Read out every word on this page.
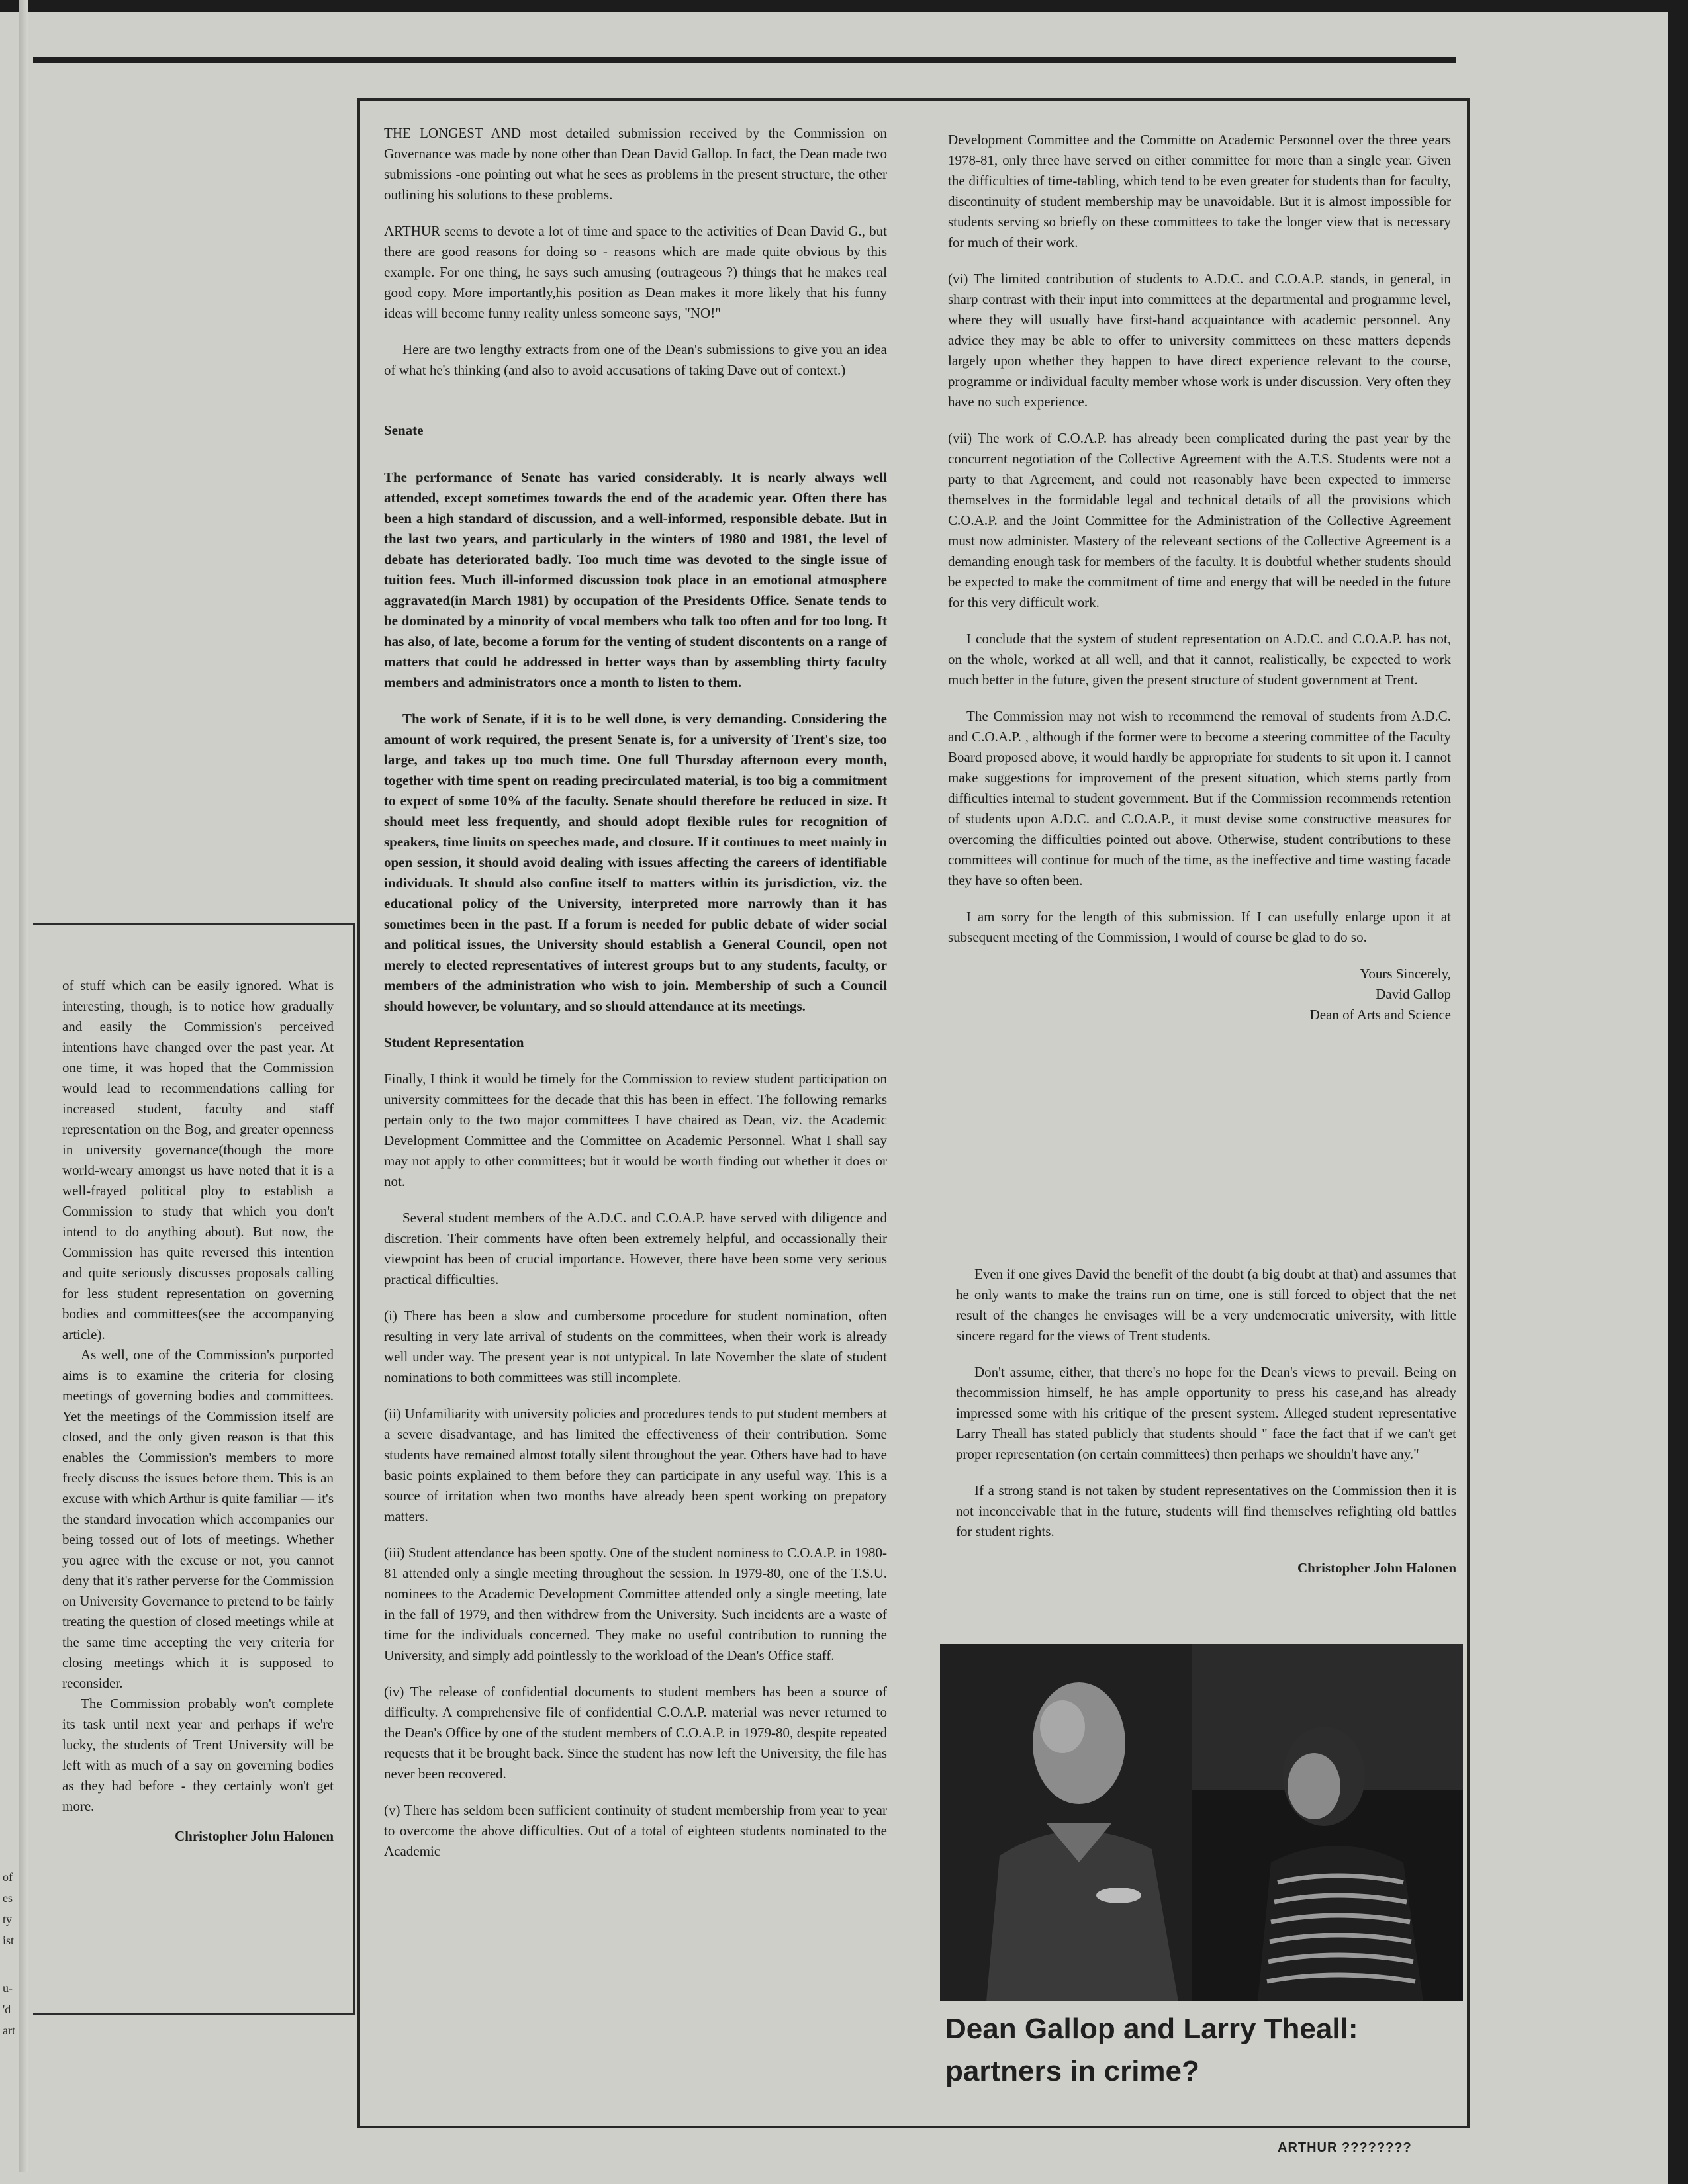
THE LONGEST AND most detailed submission received by the Commission on Governance was made by none other than Dean David Gallop. In fact, the Dean made two submissions -one pointing out what he sees as problems in the present structure, the other outlining his solutions to these problems.

ARTHUR seems to devote a lot of time and space to the activities of Dean David G., but there are good reasons for doing so - reasons which are made quite obvious by this example. For one thing, he says such amusing (outrageous ?) things that he makes real good copy. More importantly,his position as Dean makes it more likely that his funny ideas will become funny reality unless someone says, "NO!"

Here are two lengthy extracts from one of the Dean's submissions to give you an idea of what he's thinking (and also to avoid accusations of taking Dave out of context.)

Senate

The performance of Senate has varied considerably. It is nearly always well attended, except sometimes towards the end of the academic year. Often there has been a high standard of discussion, and a well-informed, responsible debate. But in the last two years, and particularly in the winters of 1980 and 1981, the level of debate has deteriorated badly. Too much time was devoted to the single issue of tuition fees. Much ill-informed discussion took place in an emotional atmosphere aggravated(in March 1981) by occupation of the Presidents Office. Senate tends to be dominated by a minority of vocal members who talk too often and for too long. It has also, of late, become a forum for the venting of student discontents on a range of matters that could be addressed in better ways than by assembling thirty faculty members and administrators once a month to listen to them.

The work of Senate, if it is to be well done, is very demanding. Considering the amount of work required, the present Senate is, for a university of Trent's size, too large, and takes up too much time. One full Thursday afternoon every month, together with time spent on reading precirculated material, is too big a commitment to expect of some 10% of the faculty. Senate should therefore be reduced in size. It should meet less frequently, and should adopt flexible rules for recognition of speakers, time limits on speeches made, and closure. If it continues to meet mainly in open session, it should avoid dealing with issues affecting the careers of identifiable individuals. It should also confine itself to matters within its jurisdiction, viz. the educational policy of the University, interpreted more narrowly than it has sometimes been in the past. If a forum is needed for public debate of wider social and political issues, the University should establish a General Council, open not merely to elected representatives of interest groups but to any students, faculty, or members of the administration who wish to join. Membership of such a Council should however, be voluntary, and so should attendance at its meetings.

Student Representation

Finally, I think it would be timely for the Commission to review student participation on university committees for the decade that this has been in effect. The following remarks pertain only to the two major committees I have chaired as Dean, viz. the Academic Development Committee and the Committee on Academic Personnel. What I shall say may not apply to other committees; but it would be worth finding out whether it does or not.

Several student members of the A.D.C. and C.O.A.P. have served with diligence and discretion. Their comments have often been extremely helpful, and occassionally their viewpoint has been of crucial importance. However, there have been some very serious practical difficulties.

(i) There has been a slow and cumbersome procedure for student nomination, often resulting in very late arrival of students on the committees, when their work is already well under way. The present year is not untypical. In late November the slate of student nominations to both committees was still incomplete.

(ii) Unfamiliarity with university policies and procedures tends to put student members at a severe disadvantage, and has limited the effectiveness of their contribution. Some students have remained almost totally silent throughout the year. Others have had to have basic points explained to them before they can participate in any useful way. This is a source of irritation when two months have already been spent working on prepatory matters.

(iii) Student attendance has been spotty. One of the student nominess to C.O.A.P. in 1980-81 attended only a single meeting throughout the session. In 1979-80, one of the T.S.U. nominees to the Academic Development Committee attended only a single meeting, late in the fall of 1979, and then withdrew from the University. Such incidents are a waste of time for the individuals concerned. They make no useful contribution to running the University, and simply add pointlessly to the workload of the Dean's Office staff.

(iv) The release of confidential documents to student members has been a source of difficulty. A comprehensive file of confidential C.O.A.P. material was never returned to the Dean's Office by one of the student members of C.O.A.P. in 1979-80, despite repeated requests that it be brought back. Since the student has now left the University, the file has never been recovered.

(v) There has seldom been sufficient continuity of student membership from year to year to overcome the above difficulties. Out of a total of eighteen students nominated to the Academic

Development Committee and the Committe on Academic Personnel over the three years 1978-81, only three have served on either committee for more than a single year. Given the difficulties of time-tabling, which tend to be even greater for students than for faculty, discontinuity of student membership may be unavoidable. But it is almost impossible for students serving so briefly on these committees to take the longer view that is necessary for much of their work.

(vi) The limited contribution of students to A.D.C. and C.O.A.P. stands, in general, in sharp contrast with their input into committees at the departmental and programme level, where they will usually have first-hand acquaintance with academic personnel. Any advice they may be able to offer to university committees on these matters depends largely upon whether they happen to have direct experience relevant to the course, programme or individual faculty member whose work is under discussion. Very often they have no such experience.

(vii) The work of C.O.A.P. has already been complicated during the past year by the concurrent negotiation of the Collective Agreement with the A.T.S. Students were not a party to that Agreement, and could not reasonably have been expected to immerse themselves in the formidable legal and technical details of all the provisions which C.O.A.P. and the Joint Committee for the Administration of the Collective Agreement must now administer. Mastery of the releveant sections of the Collective Agreement is a demanding enough task for members of the faculty. It is doubtful whether students should be expected to make the commitment of time and energy that will be needed in the future for this very difficult work.

I conclude that the system of student representation on A.D.C. and C.O.A.P. has not, on the whole, worked at all well, and that it cannot, realistically, be expected to work much better in the future, given the present structure of student government at Trent.

The Commission may not wish to recommend the removal of students from A.D.C. and C.O.A.P. , although if the former were to become a steering committee of the Faculty Board proposed above, it would hardly be appropriate for students to sit upon it. I cannot make suggestions for improvement of the present situation, which stems partly from difficulties internal to student government. But if the Commission recommends retention of students upon A.D.C. and C.O.A.P., it must devise some constructive measures for overcoming the difficulties pointed out above. Otherwise, student contributions to these committees will continue for much of the time, as the ineffective and time wasting facade they have so often been.

I am sorry for the length of this submission. If I can usefully enlarge upon it at subsequent meeting of the Commission, I would of course be glad to do so.

Yours Sincerely,
David Gallop
Dean of Arts and Science

Even if one gives David the benefit of the doubt (a big doubt at that) and assumes that he only wants to make the trains run on time, one is still forced to object that the net result of the changes he envisages will be a very undemocratic university, with little sincere regard for the views of Trent students.

Don't assume, either, that there's no hope for the Dean's views to prevail. Being on thecommission himself, he has ample opportunity to press his case,and has already impressed some with his critique of the present system. Alleged student representative Larry Theall has stated publicly that students should " face the fact that if we can't get proper representation (on certain committees) then perhaps we shouldn't have any."

If a strong stand is not taken by student representatives on the Commission then it is not inconceivable that in the future, students will find themselves refighting old battles for student rights.

Christopher John Halonen

of stuff which can be easily ignored. What is interesting, though, is to notice how gradually and easily the Commission's perceived intentions have changed over the past year. At one time, it was hoped that the Commission would lead to recommendations calling for increased student, faculty and staff representation on the Bog, and greater openness in university governance(though the more world-weary amongst us have noted that it is a well-frayed political ploy to establish a Commission to study that which you don't intend to do anything about). But now, the Commission has quite reversed this intention and quite seriously discusses proposals calling for less student representation on governing bodies and committees(see the accompanying article).

As well, one of the Commission's purported aims is to examine the criteria for closing meetings of governing bodies and committees. Yet the meetings of the Commission itself are closed, and the only given reason is that this enables the Commission's members to more freely discuss the issues before them. This is an excuse with which Arthur is quite familiar — it's the standard invocation which accompanies our being tossed out of lots of meetings. Whether you agree with the excuse or not, you cannot deny that it's rather perverse for the Commission on University Governance to pretend to be fairly treating the question of closed meetings while at the same time accepting the very criteria for closing meetings which it is supposed to reconsider.

The Commission probably won't complete its task until next year and perhaps if we're lucky, the students of Trent University will be left with as much of a say on governing bodies as they had before - they certainly won't get more.

Christopher John Halonen
of
es
ty
ist
u-
'd
art	Dean Gallop and Larry Theall: partners in crime?
ARTHUR ????????
